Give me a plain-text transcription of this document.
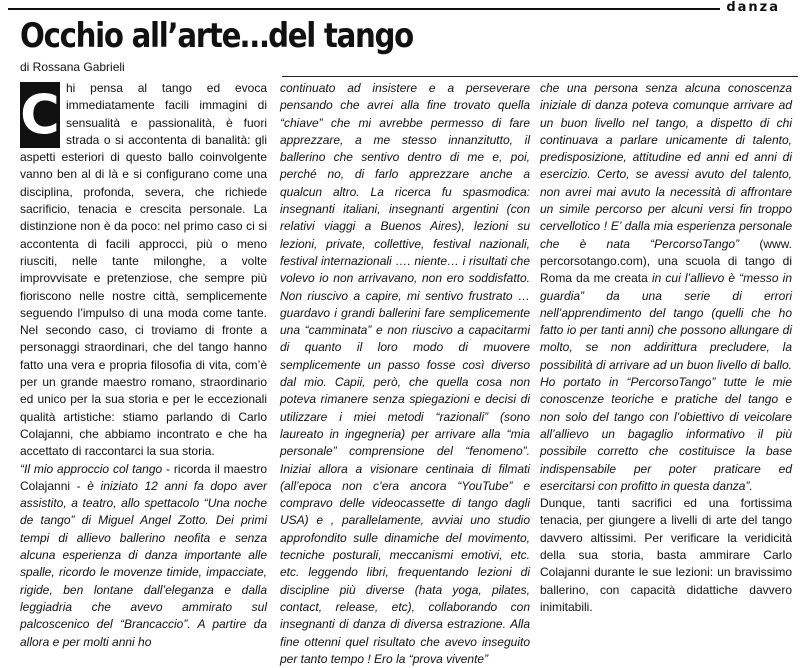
danza
Occhio all’arte…del tango
di Rossana Gabrieli
C hi pensa al tango ed evoca immediatamente facili immagini di sensualità e passionalità, è fuori strada o si accontenta di banalità: gli aspetti esteriori di questo ballo coinvolgente vanno ben al di là e si configurano come una disciplina, profonda, severa, che richiede sacrificio, tenacia e crescita personale. La distinzione non è da poco: nel primo caso ci si accontenta di facili approcci, più o meno riusciti, nelle tante milonghe, a volte improvvisate e pretenziose, che sempre più fioriscono nelle nostre città, semplicemente seguendo l’impulso di una moda come tante. Nel secondo caso, ci troviamo di fronte a personaggi straordinari, che del tango hanno fatto una vera e propria filosofia di vita, com’è per un grande maestro romano, straordinario ed unico per la sua storia e per le eccezionali qualità artistiche: stiamo parlando di Carlo Colajanni, che abbiamo incontrato e che ha accettato di raccontarci la sua storia.

“Il mio approccio col tango - ricorda il maestro Colajanni - è iniziato 12 anni fa dopo aver assistito, a teatro, allo spettacolo “Una noche de tango” di Miguel Angel Zotto. Dei primi tempi di allievo ballerino neofita e senza alcuna esperienza di danza importante alle spalle, ricordo le movenze timide, impacciate, rigide, ben lontane dall’eleganza e dalla leggiadria che avevo ammirato sul palcoscenico del “Brancaccio”. A partire da allora e per molti anni ho

continuato ad insistere e a perseverare pensando che avrei alla fine trovato quella “chiave” che mi avrebbe permesso di fare apprezzare, a me stesso innanzitutto, il ballerino che sentivo dentro di me e, poi, perché no, di farlo apprezzare anche a qualcun altro. La ricerca fu spasmodica: insegnanti italiani, insegnanti argentini (con relativi viaggi a Buenos Aires), lezioni su lezioni, private, collettive, festival nazionali, festival internazionali …. niente… i risultati che volevo io non arrivavano, non ero soddisfatto. Non riuscivo a capire, mi sentivo frustrato … guardavo i grandi ballerini fare semplicemente una “camminata” e non riuscivo a capacitarmi di quanto il loro modo di muovere semplicemente un passo fosse così diverso dal mio. Capii, però, che quella cosa non poteva rimanere senza spiegazioni e decisi di utilizzare i miei metodi “razionali” (sono laureato in ingegneria) per arrivare alla “mia personale” comprensione del “fenomeno”. Iniziai allora a visionare centinaia di filmati (all’epoca non c’era ancora “YouTube” e compravo delle videocassette di tango dagli USA) e , parallelamente, avviai uno studio approfondito sulle dinamiche del movimento, tecniche posturali, meccanismi emotivi, etc. etc. leggendo libri, frequentando lezioni di discipline più diverse (hata yoga, pilates, contact, release, etc), collaborando con insegnanti di danza di diversa estrazione. Alla fine ottenni quel risultato che avevo inseguito per tanto tempo ! Ero la “prova vivente”

che una persona senza alcuna conoscenza iniziale di danza poteva comunque arrivare ad un buon livello nel tango, a dispetto di chi continuava a parlare unicamente di talento, predisposizione, attitudine ed anni ed anni di esercizio. Certo, se avessi avuto del talento, non avrei mai avuto la necessità di affrontare un simile percorso per alcuni versi fin troppo cervellotico ! E’ dalla mia esperienza personale che è nata “PercorsoTango” (www. percorsotango.com), una scuola di tango di Roma da me creata in cui l’allievo è “messo in guardia” da una serie di errori nell’apprendimento del tango (quelli che ho fatto io per tanti anni) che possono allungare di molto, se non addirittura precludere, la possibilità di arrivare ad un buon livello di ballo. Ho portato in “PercorsoTango” tutte le mie conoscenze teoriche e pratiche del tango e non solo del tango con l’obiettivo di veicolare all’allievo un bagaglio informativo il più possibile corretto che costituisce la base indispensabile per poter praticare ed esercitarsi con profitto in questa danza”.

Dunque, tanti sacrifici ed una fortissima tenacia, per giungere a livelli di arte del tango davvero altissimi. Per verificare la veridicità della sua storia, basta ammirare Carlo Colajanni durante le sue lezioni: un bravissimo ballerino, con capacità didattiche davvero inimitabili.
